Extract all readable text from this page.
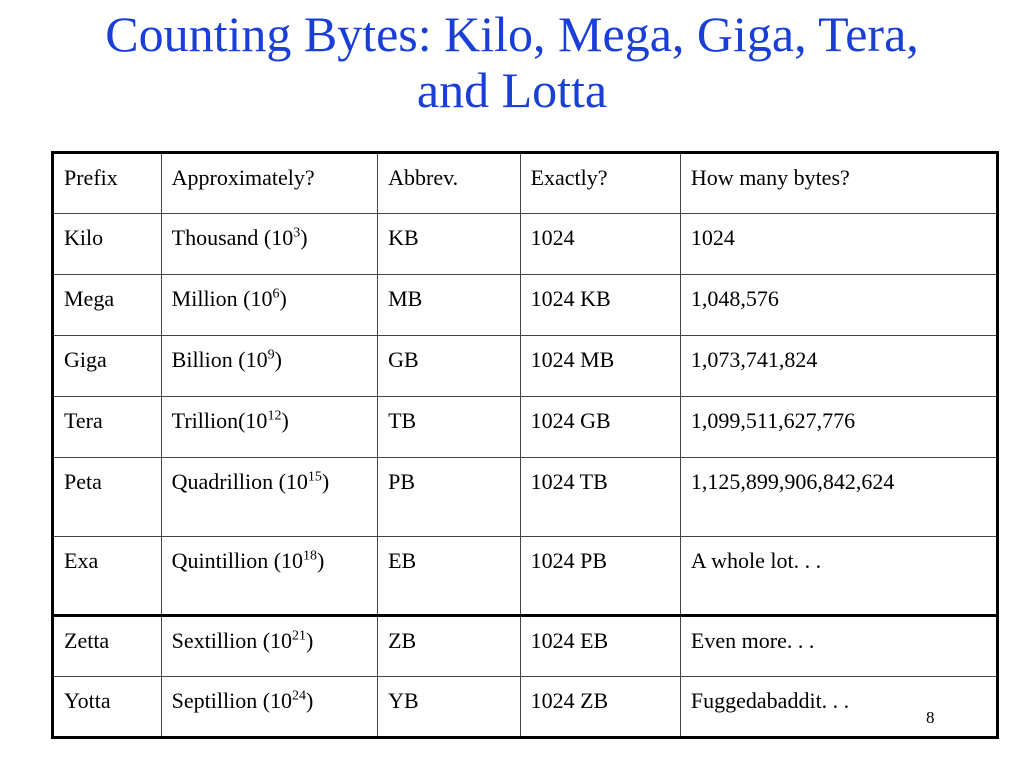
Counting Bytes: Kilo, Mega, Giga, Tera,
and Lotta
Prefix	Approximately?	Abbrev.	Exactly?	How many bytes?
Kilo	Thousand $(10^3)$	KB	1024	1024
Mega	Million $(10^6)$	MB	1024 KB	1,048,576
Giga	Billion $(10^9)$	GB	1024 MB	1,073,741,824
Tera	$Trillion(10^{12})$	TB	1024 GB	1,099,511,627,776
Peta	Quadrillion $(10^{15})$	PB	1024 TB	1,125,899,906,842,624
Exa	Quintillion $(10^{18})$	EB	1024 PB	A whole lot. . .
Zetta	Sextillion $(10^{21})$	ZB	1024 EB	Even more. . .
Yotta	Septillion $(10^{24})$	YB	1024 ZB	Fuggedabaddit. . .
8
